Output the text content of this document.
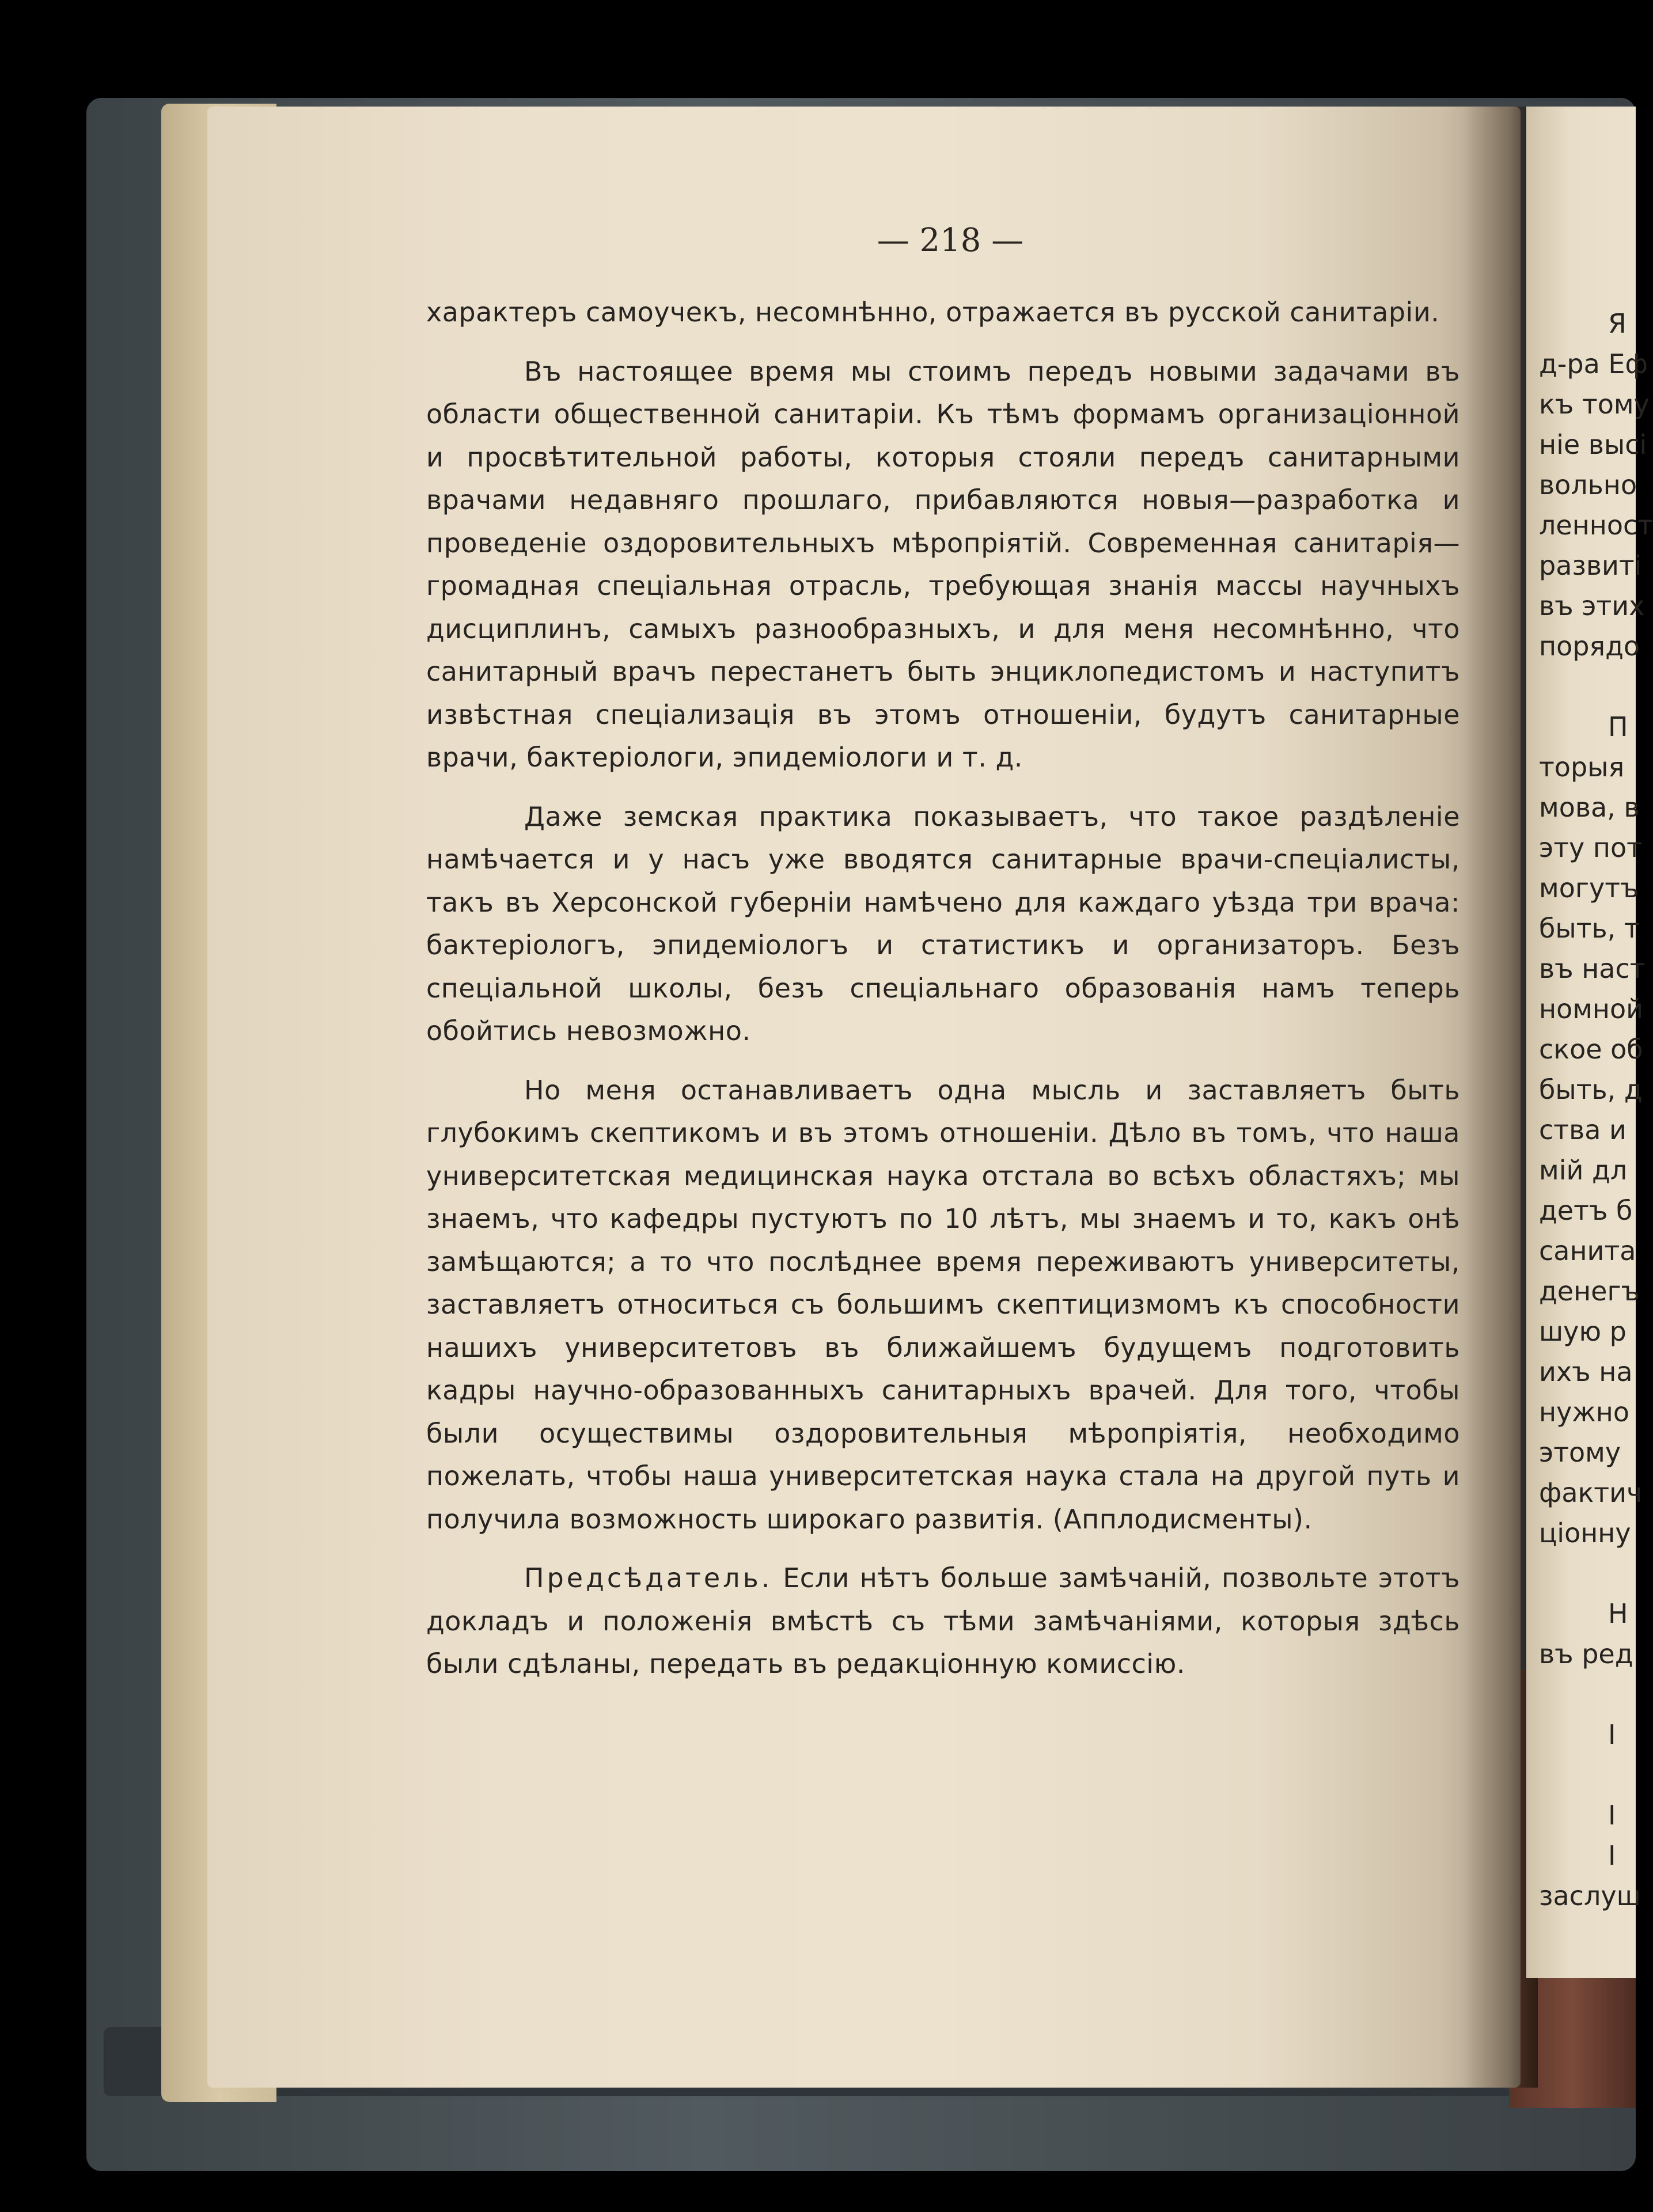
Я
д-ра Еф
къ тому
ніе высі
вольно
ленност
развиті
въ этих
порядо
П
торыя
мова, в
эту пот
могутъ
быть, т
въ наст
номной
ское об
быть, д
ства и
мій дл
детъ б
санита
денегъ
шую р
ихъ на
нужно
этому
фактич
ціонну
Н
въ ред
І
І
І
заслуш
— 218 —

характеръ самоучекъ, несомнѣнно, отражается въ русской санитаріи.

Въ настоящее время мы стоимъ передъ новыми задачами въ области общественной санитаріи. Къ тѣмъ формамъ организаціонной и просвѣтительной работы, которыя стояли передъ санитарными врачами недавняго прошлаго, прибавляются новыя—разработка и проведеніе оздоровительныхъ мѣропріятій. Современная санитарія—громадная спеціальная отрасль, требующая знанія массы научныхъ дисциплинъ, самыхъ разнообразныхъ, и для меня несомнѣнно, что санитарный врачъ перестанетъ быть энциклопедистомъ и наступитъ извѣстная спеціализація въ этомъ отношеніи, будутъ санитарные врачи, бактеріологи, эпидеміологи и т. д.

Даже земская практика показываетъ, что такое раздѣленіе намѣчается и у насъ уже вводятся санитарные врачи-спеціалисты, такъ въ Херсонской губерніи намѣчено для каждаго уѣзда три врача: бактеріологъ, эпидеміологъ и статистикъ и организаторъ. Безъ спеціальной школы, безъ спеціальнаго образованія намъ теперь обойтись невозможно.

Но меня останавливаетъ одна мысль и заставляетъ быть глубокимъ скептикомъ и въ этомъ отношеніи. Дѣло въ томъ, что наша университетская медицинская наука отстала во всѣхъ областяхъ; мы знаемъ, что кафедры пустуютъ по 10 лѣтъ, мы знаемъ и то, какъ онѣ замѣщаются; а то что послѣднее время переживаютъ университеты, заставляетъ относиться съ большимъ скептицизмомъ къ способности нашихъ университетовъ въ ближайшемъ будущемъ подготовить кадры научно-образованныхъ санитарныхъ врачей. Для того, чтобы были осуществимы оздоровительныя мѣропріятія, необходимо пожелать, чтобы наша университетская наука стала на другой путь и получила возможность широкаго развитія. (Апплодисменты).

Предсѣдатель. Если нѣтъ больше замѣчаній, позвольте этотъ докладъ и положенія вмѣстѣ съ тѣми замѣчаніями, которыя здѣсь были сдѣланы, передать въ редакціонную комиссію.
